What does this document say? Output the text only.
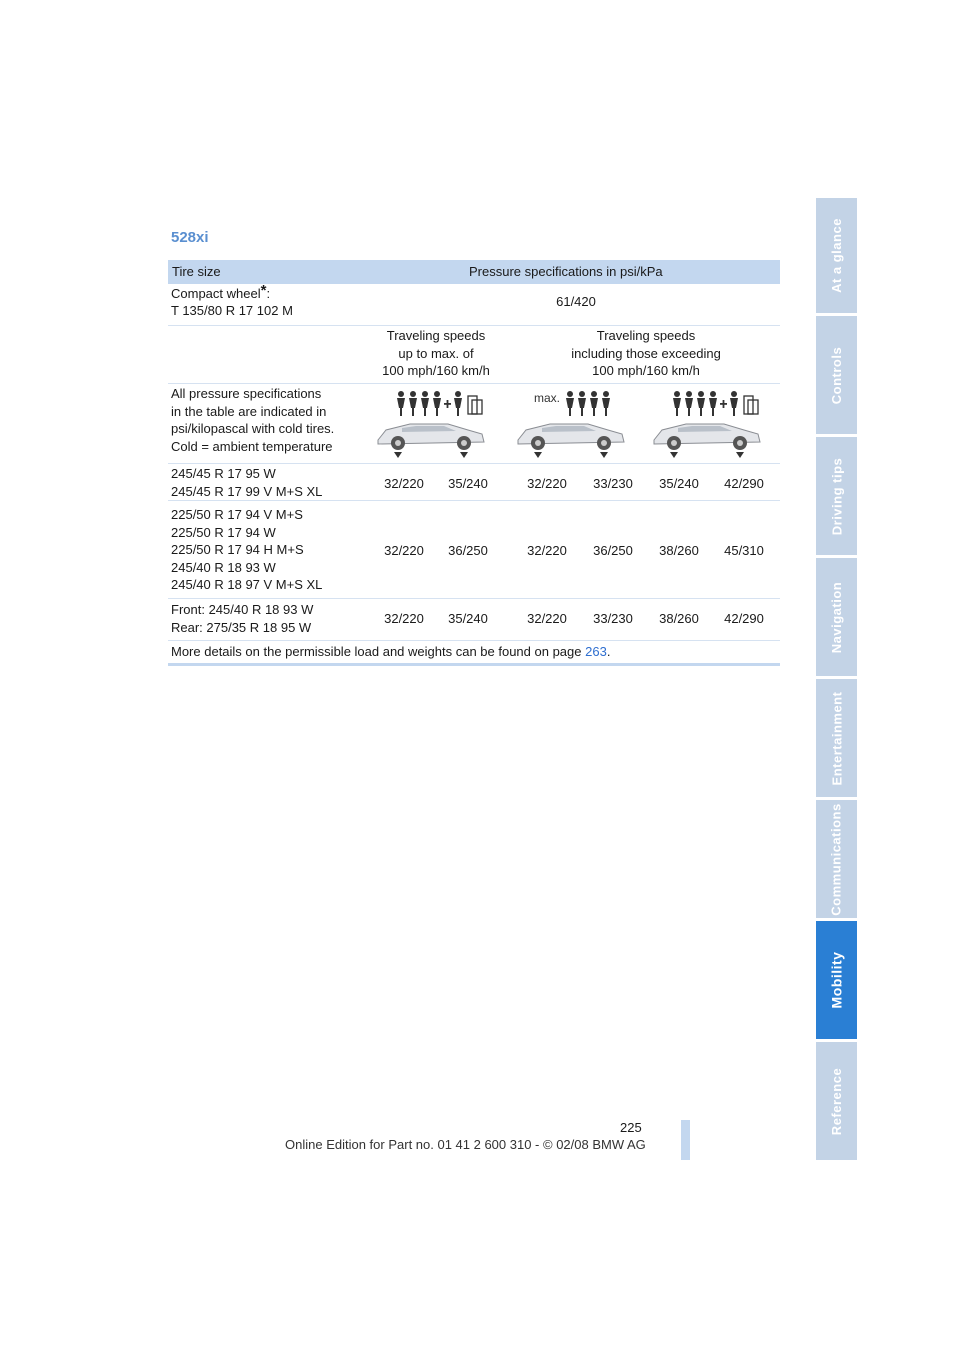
528xi
Tire size	Pressure specifications in psi/kPa
Compact wheel*:
T 135/80 R 17 102 M
61/420
Traveling speeds
up to max. of
100 mph/160 km/h
Traveling speeds
including those exceeding
100 mph/160 km/h
All pressure specifications
in the table are indicated in
psi/kilopascal with cold tires.
Cold = ambient temperature
max.
245/45 R 17 95 W
245/45 R 17 99 V M+S XL	32/220	35/240	32/220	33/230	35/240	42/290
225/50 R 17 94 V M+S
225/50 R 17 94 W
225/50 R 17 94 H M+S
245/40 R 18 93 W
245/40 R 18 97 V M+S XL
32/220	36/250	32/220	36/250	38/260	45/310
Front: 245/40 R 18 93 W
Rear: 275/35 R 18 95 W
32/220	35/240	32/220	33/230	38/260	42/290
More details on the permissible load and weights can be found on page 263.
At a glance
Controls
Driving tips
Navigation
Entertainment
Communications
Mobility
Reference
225
Online Edition for Part no. 01 41 2 600 310 - © 02/08 BMW AG
